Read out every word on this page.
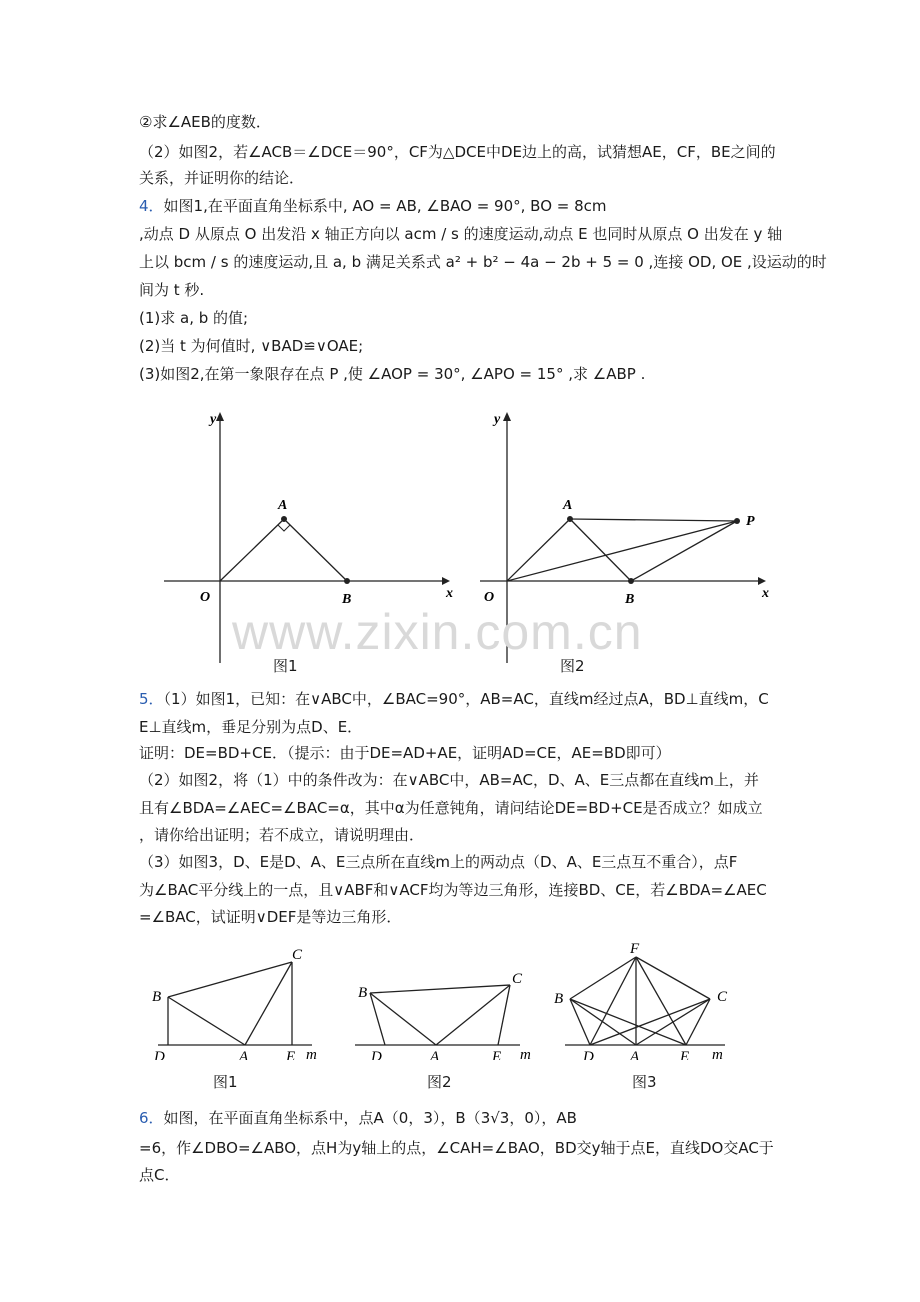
②求∠AEB的度数．
（2）如图2，若∠ACB＝∠DCE＝90°，CF为△DCE中DE边上的高，试猜想AE，CF，BE之间的
关系，并证明你的结论．
4．如图1,在平面直角坐标系中, AO = AB, ∠BAO = 90°, BO = 8cm
,动点 D 从原点 O 出发沿 x 轴正方向以 acm / s 的速度运动,动点 E 也同时从原点 O 出发在 y 轴
上以 bcm / s 的速度运动,且 a, b 满足关系式 a² + b² − 4a − 2b + 5 = 0 ,连接 OD, OE ,设运动的时
间为 t 秒.
(1)求 a, b 的值;
(2)当 t 为何值时, ∨BAD≌∨OAE;
(3)如图2,在第一象限存在点 P ,使 ∠AOP = 30°, ∠APO = 15° ,求 ∠ABP .
y
x
O
A
B
y
x
O
A
B
P
www.zixin.com.cn
图1	图2
5．（1）如图1，已知：在∨ABC中，∠BAC=90°，AB=AC，直线m经过点A，BD⊥直线m，C
E⊥直线m，垂足分别为点D、E．
证明：DE=BD+CE．（提示：由于DE=AD+AE，证明AD=CE，AE=BD即可）
（2）如图2，将（1）中的条件改为：在∨ABC中，AB=AC，D、A、E三点都在直线m上，并
且有∠BDA=∠AEC=∠BAC=α，其中α为任意钝角，请问结论DE=BD+CE是否成立？如成立
，请你给出证明；若不成立，请说明理由．
（3）如图3，D、E是D、A、E三点所在直线m上的两动点（D、A、E三点互不重合），点F
为∠BAC平分线上的一点，且∨ABF和∨ACF均为等边三角形，连接BD、CE，若∠BDA=∠AEC
=∠BAC，试证明∨DEF是等边三角形．
B
C
D	A	E m
B
C
D	A	E m
F
B	C
D A	E m
图1	图2	图3
6．如图，在平面直角坐标系中，点A（0，3），B（3√3，0），AB
=6，作∠DBO=∠ABO，点H为y轴上的点，∠CAH=∠BAO，BD交y轴于点E，直线DO交AC于
点C．
